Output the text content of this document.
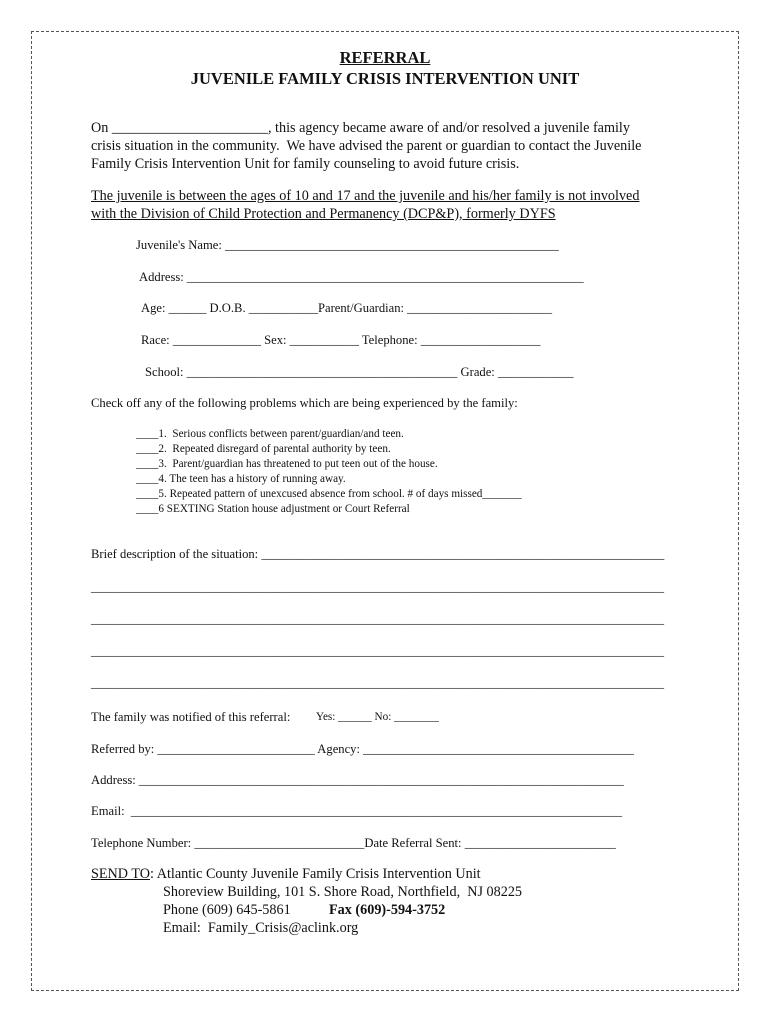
REFERRAL
JUVENILE FAMILY CRISIS INTERVENTION UNIT
On ______________________, this agency became aware of and/or resolved a juvenile family
crisis situation in the community.  We have advised the parent or guardian to contact the Juvenile
Family Crisis Intervention Unit for family counseling to avoid future crisis.
The juvenile is between the ages of 10 and 17 and the juvenile and his/her family is not involved
with the Division of Child Protection and Permanency (DCP&P), formerly DYFS
Juvenile's Name: _____________________________________________________
Address: _______________________________________________________________
Age: ______ D.O.B. ___________Parent/Guardian: _______________________
Race: ______________ Sex: ___________ Telephone: ___________________
School: ___________________________________________ Grade: ____________
Check off any of the following problems which are being experienced by the family:
____1.  Serious conflicts between parent/guardian/and teen.
____2.  Repeated disregard of parental authority by teen.
____3.  Parent/guardian has threatened to put teen out of the house.
____4. The teen has a history of running away.
____5. Repeated pattern of unexcused absence from school. # of days missed_______
____6 SEXTING Station house adjustment or Court Referral
Brief description of the situation: ________________________________________________________________
___________________________________________________________________________________________
___________________________________________________________________________________________
___________________________________________________________________________________________
___________________________________________________________________________________________
The family was notified of this referral: Yes: ______ No: ________
Referred by: _________________________ Agency: ___________________________________________
Address: _____________________________________________________________________________
Email:  ______________________________________________________________________________
Telephone Number: ___________________________Date Referral Sent: ________________________
SEND TO: Atlantic County Juvenile Family Crisis Intervention Unit
Shoreview Building, 101 S. Shore Road, Northfield,  NJ 08225
Phone (609) 645-5861	Fax (609)-594-3752
Email:  Family_Crisis@aclink.org
